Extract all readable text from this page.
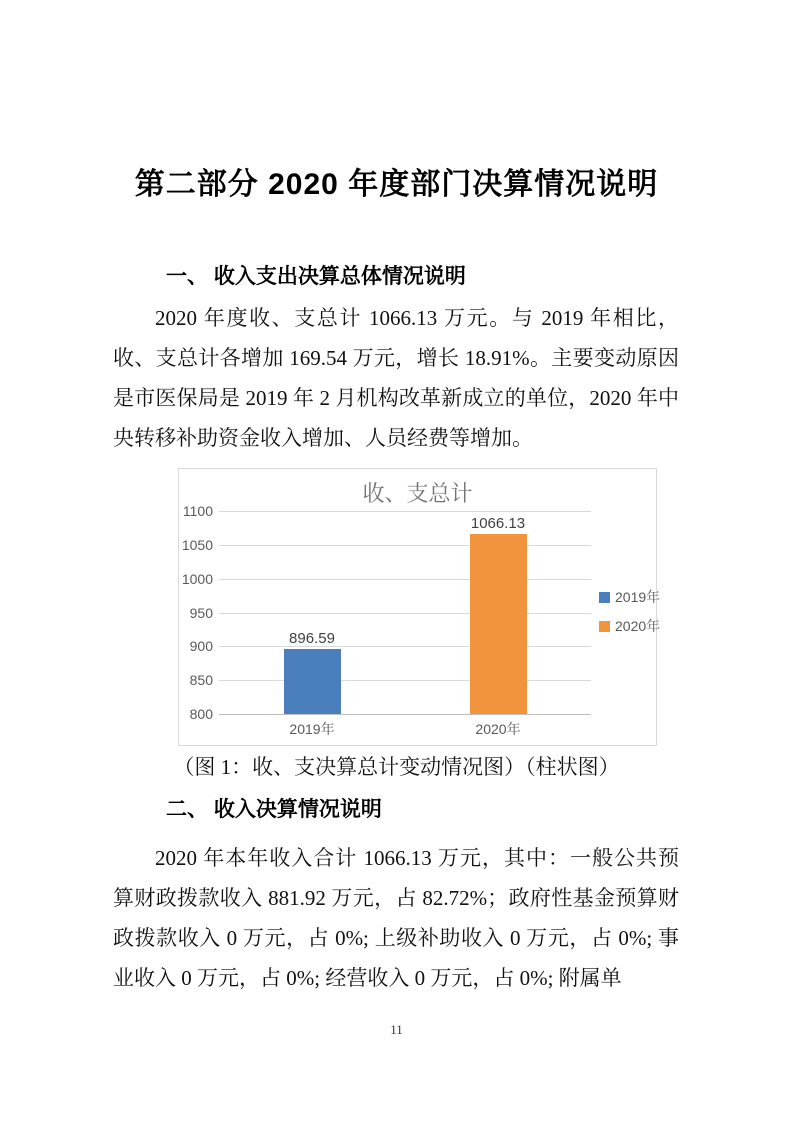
第二部分 2020 年度部门决算情况说明
一、 收入支出决算总体情况说明
2020 年度收、支总计 1066.13 万元。与 2019 年相比，收、支总计各增加 169.54 万元，增长 18.91%。主要变动原因是市医保局是 2019 年 2 月机构改革新成立的单位，2020 年中央转移补助资金收入增加、人员经费等增加。
收、支总计
800
850
900
950
1000
1050
1100
896.59
2019年
1066.13
2020年
2019年
2020年
（图 1：收、支决算总计变动情况图）（柱状图）
二、 收入决算情况说明
2020 年本年收入合计 1066.13 万元，其中：一般公共预算财政拨款收入 881.92 万元，占 82.72%；政府性基金预算财政拨款收入 0 万元，占 0%; 上级补助收入 0 万元，占 0%; 事业收入 0 万元，占 0%; 经营收入 0 万元，占 0%; 附属单
11
